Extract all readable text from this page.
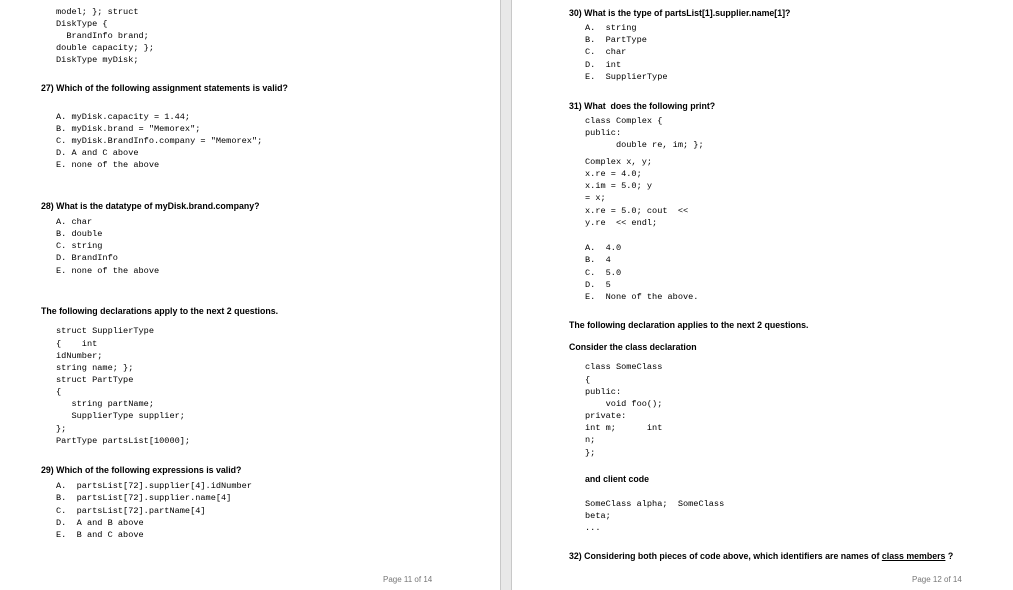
model; }; struct
DiskType {
BrandInfo brand;
double capacity; };
DiskType myDisk;
27) Which of the following assignment statements is valid?
A. myDisk.capacity = 1.44;
B. myDisk.brand = "Memorex";
C. myDisk.BrandInfo.company = "Memorex";
D. A and C above
E. none of the above
28) What is the datatype of myDisk.brand.company?
A. char
B. double
C. string
D. BrandInfo
E. none of the above
The following declarations apply to the next 2 questions.
struct SupplierType
{    int
idNumber;
string name; };
struct PartType
{
string partName;
SupplierType supplier;
};
PartType partsList[10000];
29) Which of the following expressions is valid?
A.  partsList[72].supplier[4].idNumber
B.  partsList[72].supplier.name[4]
C.  partsList[72].partName[4]
D.  A and B above
E.  B and C above
Page 11 of 14
30) What is the type of partsList[1].supplier.name[1]?
A.  string
B.  PartType
C.  char
D.  int
E.  SupplierType
31) What  does the following print?
class Complex {
public:
double re, im; };
Complex x, y;
x.re = 4.0;
x.im = 5.0; y
= x;
x.re = 5.0; cout  <<
y.re  << endl;
A.  4.0
B.  4
C.  5.0
D.  5
E.  None of the above.
The following declaration applies to the next 2 questions.
Consider the class declaration
class SomeClass
{
public:
void foo();
private:
int m;      int
n;
};
and client code
SomeClass alpha;  SomeClass
beta;
...
32) Considering both pieces of code above, which identifiers are names of class members ?
Page 12 of 14
